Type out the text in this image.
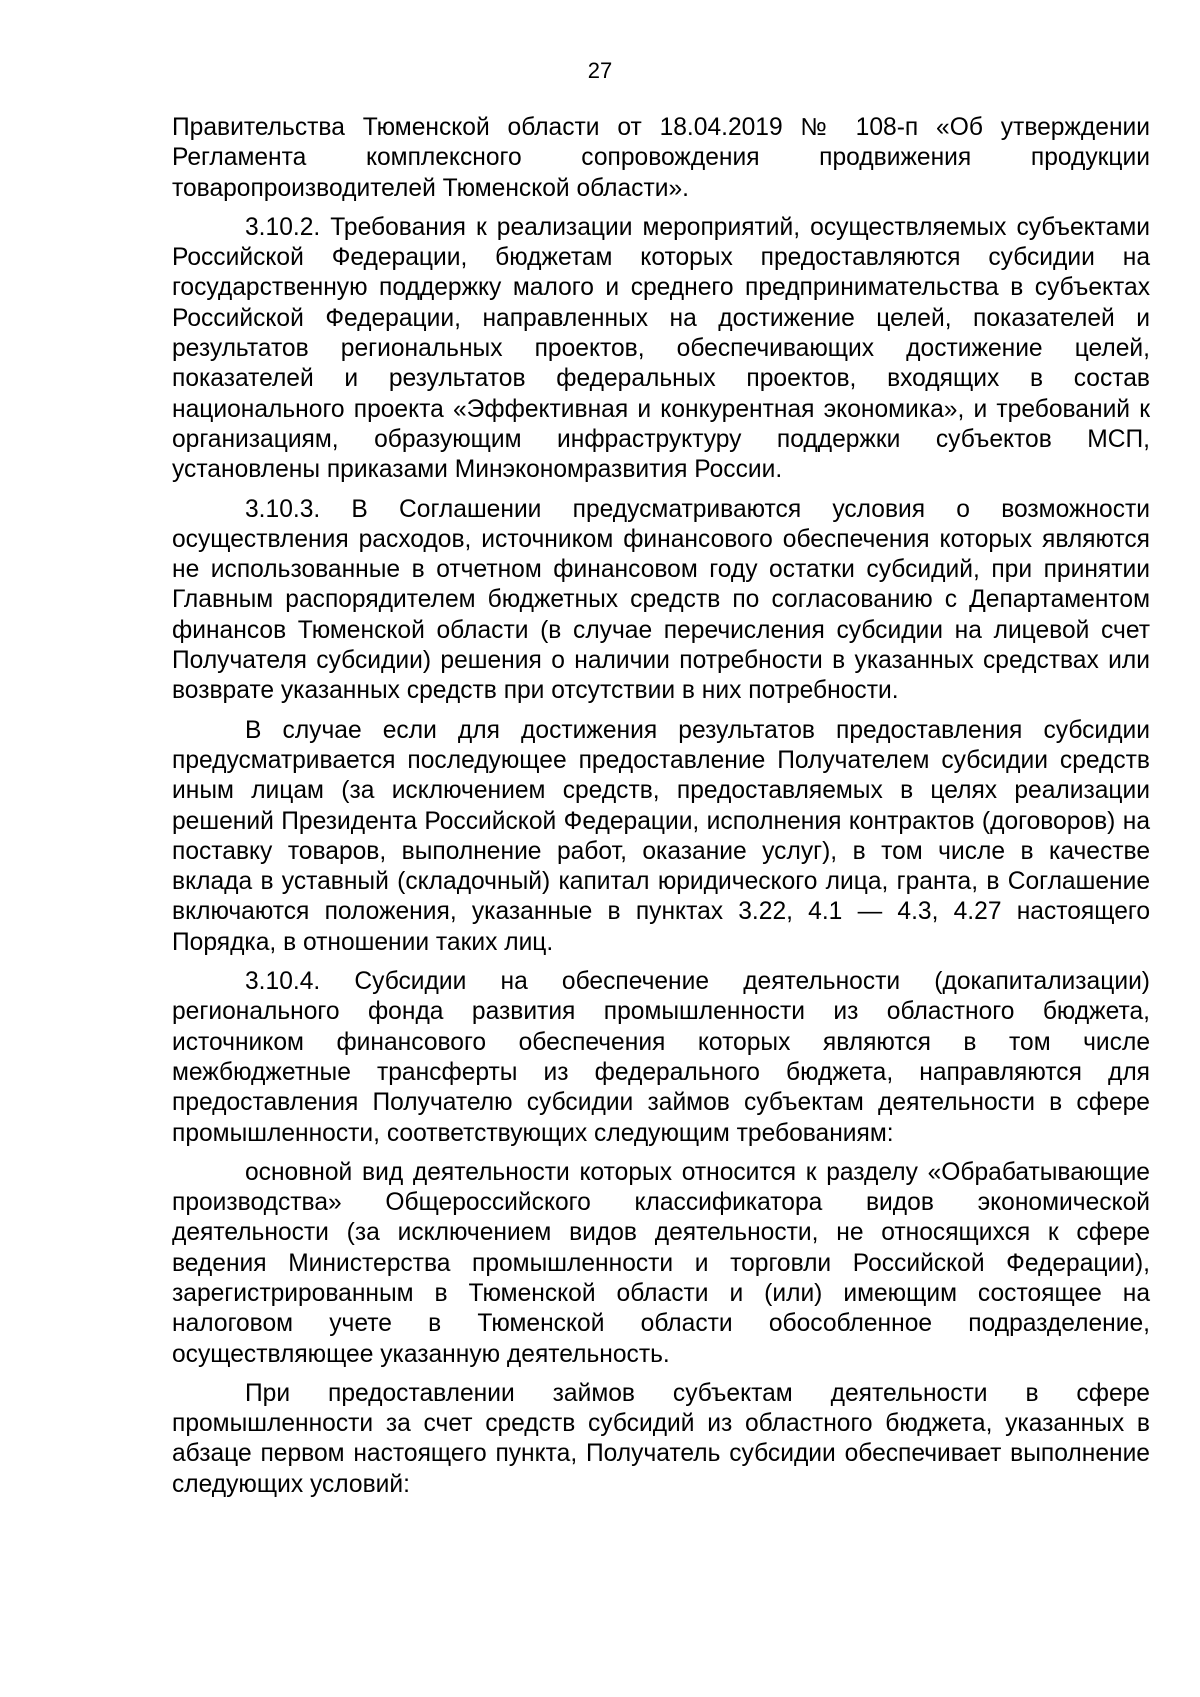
27

Правительства Тюменской области от 18.04.2019 № 108-п «Об утверждении Регламента комплексного сопровождения продвижения продукции товаропроизводителей Тюменской области».

3.10.2. Требования к реализации мероприятий, осуществляемых субъектами Российской Федерации, бюджетам которых предоставляются субсидии на государственную поддержку малого и среднего предпринимательства в субъектах Российской Федерации, направленных на достижение целей, показателей и результатов региональных проектов, обеспечивающих достижение целей, показателей и результатов федеральных проектов, входящих в состав национального проекта «Эффективная и конкурентная экономика», и требований к организациям, образующим инфраструктуру поддержки субъектов МСП, установлены приказами Минэкономразвития России.

3.10.3. В Соглашении предусматриваются условия о возможности осуществления расходов, источником финансового обеспечения которых являются не использованные в отчетном финансовом году остатки субсидий, при принятии Главным распорядителем бюджетных средств по согласованию с Департаментом финансов Тюменской области (в случае перечисления субсидии на лицевой счет Получателя субсидии) решения о наличии потребности в указанных средствах или возврате указанных средств при отсутствии в них потребности.

В случае если для достижения результатов предоставления субсидии предусматривается последующее предоставление Получателем субсидии средств иным лицам (за исключением средств, предоставляемых в целях реализации решений Президента Российской Федерации, исполнения контрактов (договоров) на поставку товаров, выполнение работ, оказание услуг), в том числе в качестве вклада в уставный (складочный) капитал юридического лица, гранта, в Соглашение включаются положения, указанные в пунктах 3.22, 4.1 — 4.3, 4.27 настоящего Порядка, в отношении таких лиц.

3.10.4. Субсидии на обеспечение деятельности (докапитализации) регионального фонда развития промышленности из областного бюджета, источником финансового обеспечения которых являются в том числе межбюджетные трансферты из федерального бюджета, направляются для предоставления Получателю субсидии займов субъектам деятельности в сфере промышленности, соответствующих следующим требованиям:

основной вид деятельности которых относится к разделу «Обрабатывающие производства» Общероссийского классификатора видов экономической деятельности (за исключением видов деятельности, не относящихся к сфере ведения Министерства промышленности и торговли Российской Федерации), зарегистрированным в Тюменской области и (или) имеющим состоящее на налоговом учете в Тюменской области обособленное подразделение, осуществляющее указанную деятельность.

При предоставлении займов субъектам деятельности в сфере промышленности за счет средств субсидий из областного бюджета, указанных в абзаце первом настоящего пункта, Получатель субсидии обеспечивает выполнение следующих условий:
